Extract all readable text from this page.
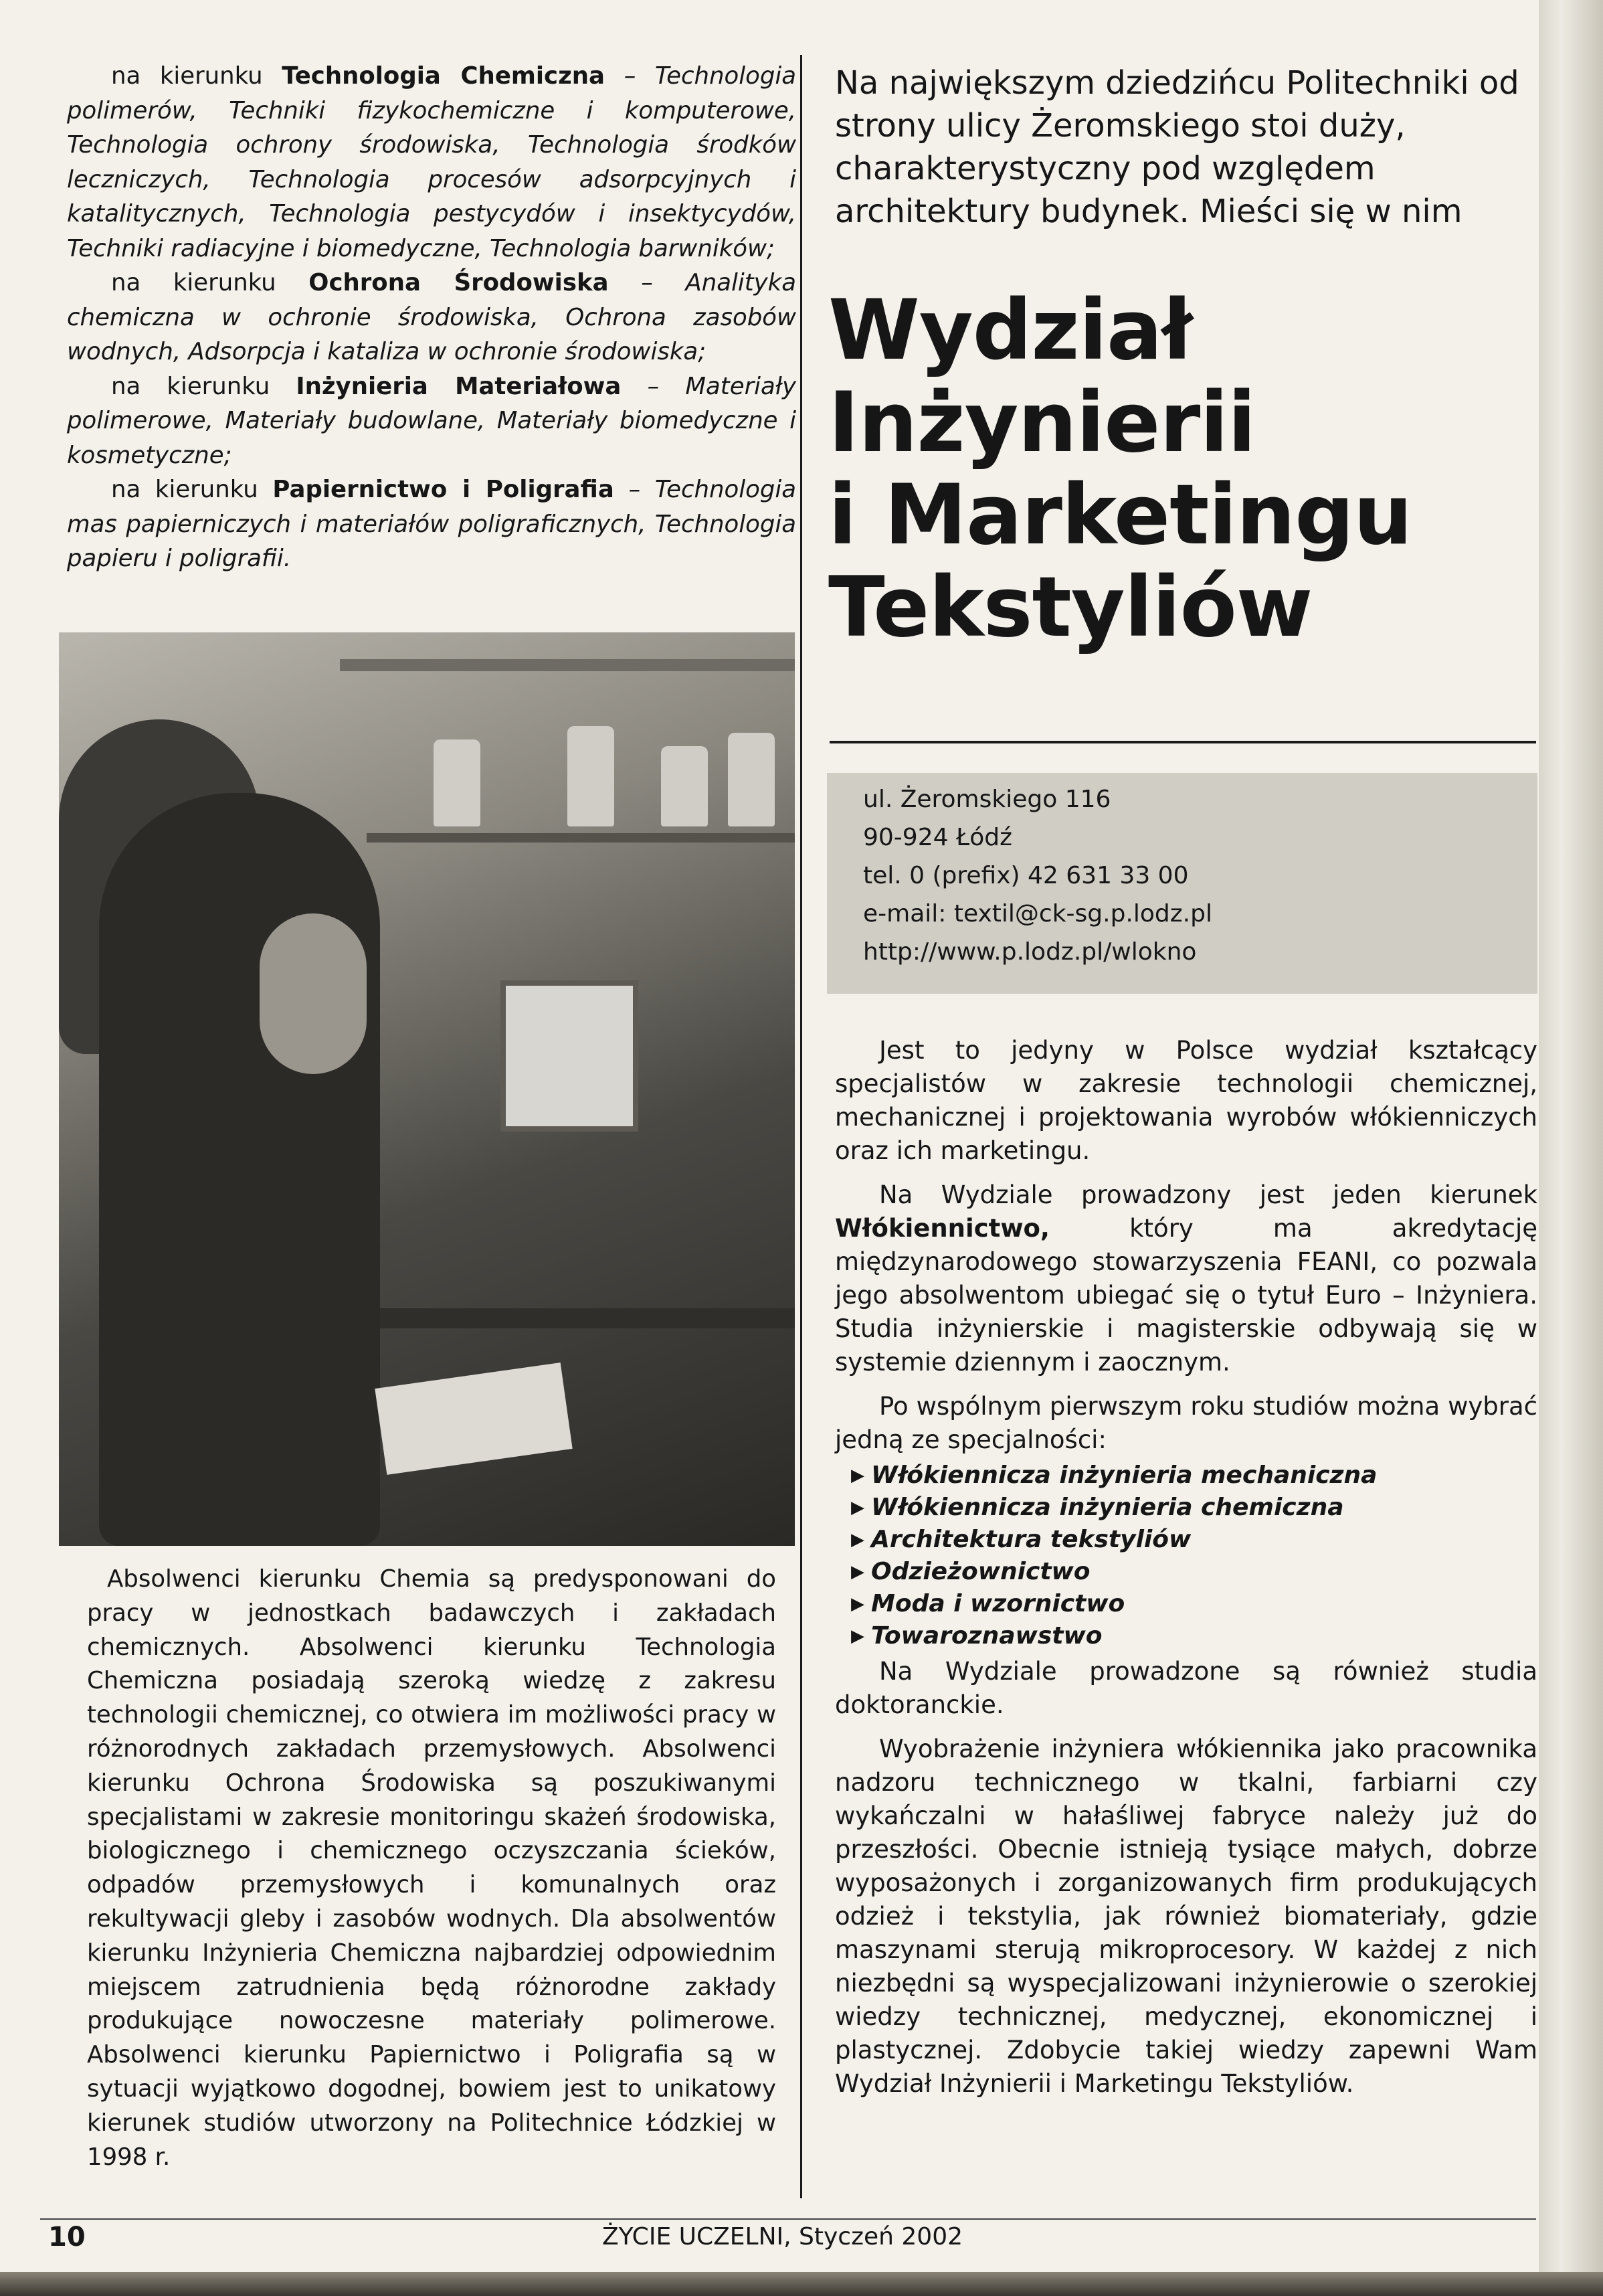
na kierunku Technologia Chemiczna – Technologia polimerów, Techniki fizykochemiczne i komputerowe, Technologia ochrony środowiska, Technologia środków leczniczych, Technologia procesów adsorpcyjnych i katalitycznych, Technologia pestycydów i insektycydów, Techniki radiacyjne i biomedyczne, Technologia barwników;

na kierunku Ochrona Środowiska – Analityka chemiczna w ochronie środowiska, Ochrona zasobów wodnych, Adsorpcja i kataliza w ochronie środowiska;

na kierunku Inżynieria Materiałowa – Materiały polimerowe, Materiały budowlane, Materiały biomedyczne i kosmetyczne;

na kierunku Papiernictwo i Poligrafia – Technologia mas papierniczych i materiałów poligraficznych, Technologia papieru i poligrafii.

Absolwenci kierunku Chemia są predysponowani do pracy w jednostkach badawczych i zakładach chemicznych. Absolwenci kierunku Technologia Chemiczna posiadają szeroką wiedzę z zakresu technologii chemicznej, co otwiera im możliwości pracy w różnorodnych zakładach przemysłowych. Absolwenci kierunku Ochrona Środowiska są poszukiwanymi specjalistami w zakresie monitoringu skażeń środowiska, biologicznego i chemicznego oczyszczania ścieków, odpadów przemysłowych i komunalnych oraz rekultywacji gleby i zasobów wodnych. Dla absolwentów kierunku Inżynieria Chemiczna najbardziej odpowiednim miejscem zatrudnienia będą różnorodne zakłady produkujące nowoczesne materiały polimerowe. Absolwenci kierunku Papiernictwo i Poligrafia są w sytuacji wyjątkowo dogodnej, bowiem jest to unikatowy kierunek studiów utworzony na Politechnice Łódzkiej w 1998 r.

Na największym dziedzińcu Politechniki od strony ulicy Żeromskiego stoi duży, charakterystyczny pod względem architektury budynek. Mieści się w nim

Wydział
Inżynierii
i Marketingu
Tekstyliów
ul. Żeromskiego 116
90-924 Łódź
tel. 0 (prefix) 42 631 33 00
e-mail: textil@ck-sg.p.lodz.pl
http://www.p.lodz.pl/wlokno

Jest to jedyny w Polsce wydział kształcący specjalistów w zakresie technologii chemicznej, mechanicznej i projektowania wyrobów włókienniczych oraz ich marketingu.

Na Wydziale prowadzony jest jeden kierunek Włókiennictwo, który ma akredytację międzynarodowego stowarzyszenia FEANI, co pozwala jego absolwentom ubiegać się o tytuł Euro – Inżyniera. Studia inżynierskie i magisterskie odbywają się w systemie dziennym i zaocznym.

Po wspólnym pierwszym roku studiów można wybrać jedną ze specjalności:

▶ Włókiennicza inżynieria mechaniczna
▶ Włókiennicza inżynieria chemiczna
▶ Architektura tekstyliów
▶ Odzieżownictwo
▶ Moda i wzornictwo
▶ Towaroznawstwo

Na Wydziale prowadzone są również studia doktoranckie.

Wyobrażenie inżyniera włókiennika jako pracownika nadzoru technicznego w tkalni, farbiarni czy wykańczalni w hałaśliwej fabryce należy już do przeszłości. Obecnie istnieją tysiące małych, dobrze wyposażonych i zorganizowanych firm produkujących odzież i tekstylia, jak również biomateriały, gdzie maszynami sterują mikroprocesory. W każdej z nich niezbędni są wyspecjalizowani inżynierowie o szerokiej wiedzy technicznej, medycznej, ekonomicznej i plastycznej. Zdobycie takiej wiedzy zapewni Wam Wydział Inżynierii i Marketingu Tekstyliów.

10	ŻYCIE UCZELNI, Styczeń 2002
